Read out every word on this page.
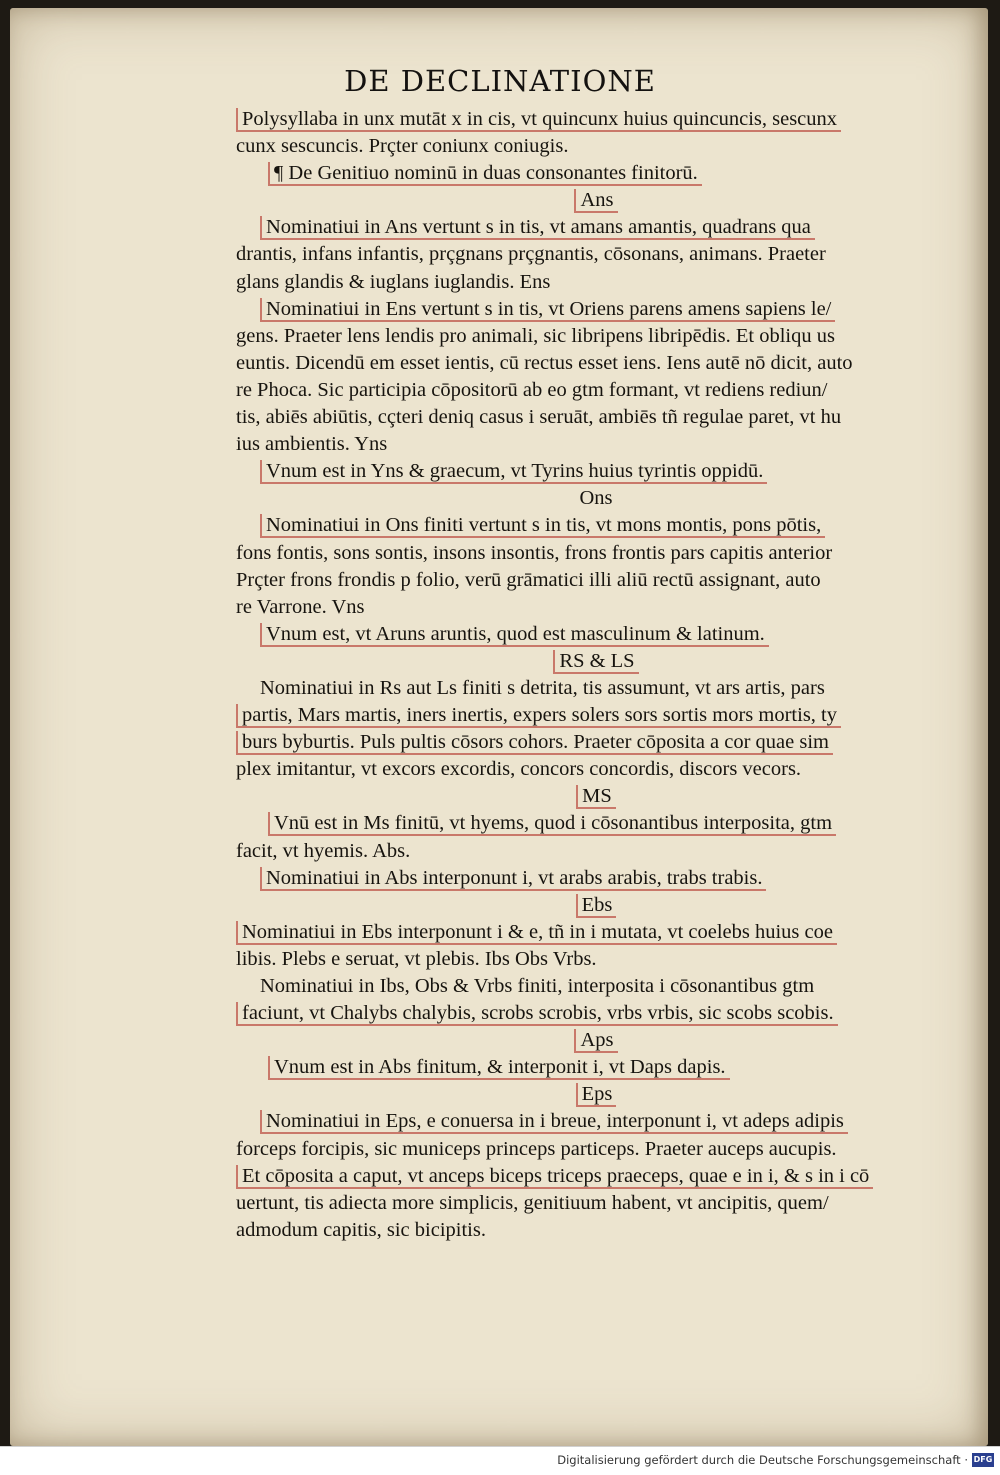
DE DECLINATIONE
Polysyllaba in unx mutāt x in cis, vt quincunx huius quincuncis, sescunx
cunx sescuncis. Prçter coniunx coniugis.
¶ De Genitiuo nominū in duas consonantes finitorū.
Ans
Nominatiui in Ans vertunt s in tis, vt amans amantis, quadrans qua
drantis, infans infantis, prçgnans prçgnantis, cōsonans, animans. Praeter
glans glandis & iuglans iuglandis. Ens
Nominatiui in Ens vertunt s in tis, vt Oriens parens amens sapiens le/
gens. Praeter lens lendis pro animali, sic libripens libripēdis. Et obliqu us
euntis. Dicendū em esset ientis, cū rectus esset iens. Iens autē nō dicit, auto
re Phoca. Sic participia cōpositorū ab eo gtm formant, vt rediens rediun/
tis, abiēs abiūtis, cçteri deniq casus i seruāt, ambiēs tñ regulae paret, vt hu
ius ambientis. Yns
Vnum est in Yns & graecum, vt Tyrins huius tyrintis oppidū.
Ons
Nominatiui in Ons finiti vertunt s in tis, vt mons montis, pons pōtis,
fons fontis, sons sontis, insons insontis, frons frontis pars capitis anterior
Prçter frons frondis p folio, verū grāmatici illi aliū rectū assignant, auto
re Varrone. Vns
Vnum est, vt Aruns aruntis, quod est masculinum & latinum.
RS & LS
Nominatiui in Rs aut Ls finiti s detrita, tis assumunt, vt ars artis, pars
partis, Mars martis, iners inertis, expers solers sors sortis mors mortis, ty
burs byburtis. Puls pultis cōsors cohors. Praeter cōposita a cor quae sim
plex imitantur, vt excors excordis, concors concordis, discors vecors.
MS
Vnū est in Ms finitū, vt hyems, quod i cōsonantibus interposita, gtm
facit, vt hyemis. Abs.
Nominatiui in Abs interponunt i, vt arabs arabis, trabs trabis.
Ebs
Nominatiui in Ebs interponunt i & e, tñ in i mutata, vt coelebs huius coe
libis. Plebs e seruat, vt plebis. Ibs Obs Vrbs.
Nominatiui in Ibs, Obs & Vrbs finiti, interposita i cōsonantibus gtm
faciunt, vt Chalybs chalybis, scrobs scrobis, vrbs vrbis, sic scobs scobis.
Aps
Vnum est in Abs finitum, & interponit i, vt Daps dapis.
Eps
Nominatiui in Eps, e conuersa in i breue, interponunt i, vt adeps adipis
forceps forcipis, sic municeps princeps particeps. Praeter auceps aucupis.
Et cōposita a caput, vt anceps biceps triceps praeceps, quae e in i, & s in i cō
uertunt, tis adiecta more simplicis, genitiuum habent, vt ancipitis, quem/
admodum capitis, sic bicipitis.
Digitalisierung gefördert durch die Deutsche Forschungsgemeinschaft · DFG
